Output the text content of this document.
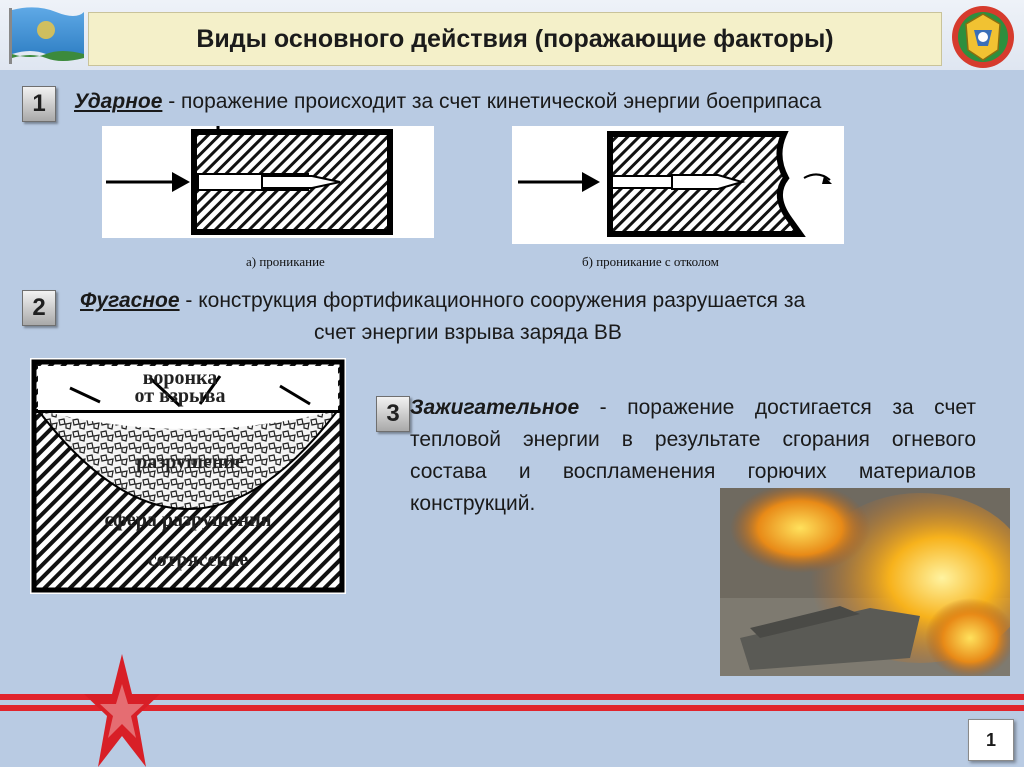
Виды основного действия (поражающие факторы)
1	Ударное - поражение происходит за счет кинетической энергии боеприпаса
а) проникание	б) проникание с отколом
2	Фугасное - конструкция фортификационного сооружения разрушается за
счет энергии взрыва заряда ВВ
воронка
от взрыва
разрушение
сфера разрушения
сотрясение
3 Зажигательное - поражение достигается за счет тепловой энергии в результате сгорания огневого состава и воспламенения горючих материалов конструкций.
1
